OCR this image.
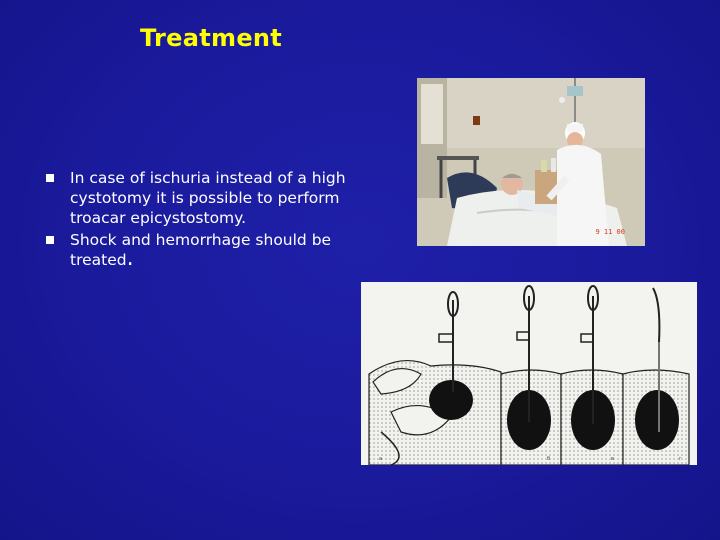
Treatment
In case of ischuria instead of a high cystotomy it is possible to perform troacar epicystostomy.
Shock and hemorrhage should be treated.
9 11 00
a	б	в	г
